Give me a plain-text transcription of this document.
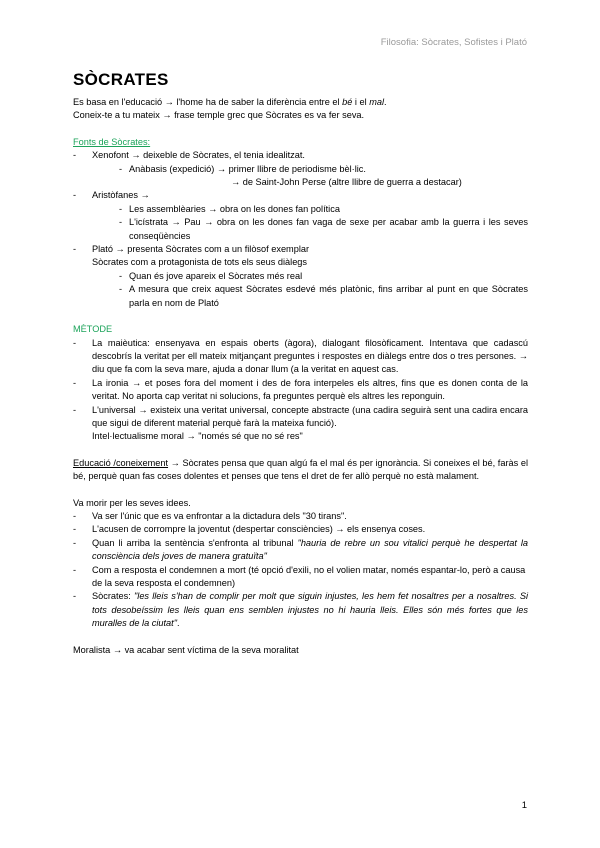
Filosofia: Sòcrates, Sofistes i Plató
SÒCRATES

Es basa en l'educació → l'home ha de saber la diferència entre el bé i el mal.

Coneix-te a tu mateix → frase temple grec que Sòcrates es va fer seva.

Fonts de Sòcrates:

- Xenofont → deixeble de Sòcrates, el tenia idealitzat.
- Anàbasis (expedició) → primer llibre de periodisme bèl·lic.
→ de Saint-John Perse (altre llibre de guerra a destacar)
- Aristòfanes →
- Les assemblèaries → obra on les dones fan política
- L'icístrata → Pau → obra on les dones fan vaga de sexe per acabar amb la guerra i les seves conseqüències
- Plató → presenta Sòcrates com a un filòsof exemplar
Sòcrates com a protagonista de tots els seus diàlegs
- Quan és jove apareix el Sòcrates més real
- A mesura que creix aquest Sòcrates esdevé més platònic, fins arribar al punt en que Sòcrates parla en nom de Plató

MÈTODE

- La maièutica: ensenyava en espais oberts (àgora), dialogant filosòficament. Intentava que cadascú descobrís la veritat per ell mateix mitjançant preguntes i respostes en diàlegs entre dos o tres persones. → diu que fa com la seva mare, ajuda a donar llum (a la veritat en aquest cas.
- La ironia → et poses fora del moment i des de fora interpeles els altres, fins que es donen conta de la veritat. No aporta cap veritat ni solucions, fa preguntes perquè els altres les reponguin.
- L'universal → existeix una veritat universal, concepte abstracte (una cadira seguirà sent una cadira encara que sigui de diferent material perquè farà la mateixa funció).
Intel·lectualisme moral → "només sé que no sé res"

Educació /coneixement → Sòcrates pensa que quan algú fa el mal és per ignorància. Si coneixes el bé, faràs el bé, perquè quan fas coses dolentes et penses que tens el dret de fer allò perquè no està malament.

Va morir per les seves idees.

- Va ser l'únic que es va enfrontar a la dictadura dels "30 tirans".
- L'acusen de corrompre la joventut (despertar consciències) → els ensenya coses.
- Quan li arriba la sentència s'enfronta al tribunal "hauria de rebre un sou vitalici perquè he despertat la consciència dels joves de manera gratuïta"
- Com a resposta el condemnen a mort (té opció d'exili, no el volien matar, només espantar-lo, però a causa de la seva resposta el condemnen)
- Sòcrates: "les lleis s'han de complir per molt que siguin injustes, les hem fet nosaltres per a nosaltres. Si tots desobeíssim les lleis quan ens semblen injustes no hi hauria lleis. Elles són més fortes que les muralles de la ciutat".

Moralista → va acabar sent víctima de la seva moralitat

1
